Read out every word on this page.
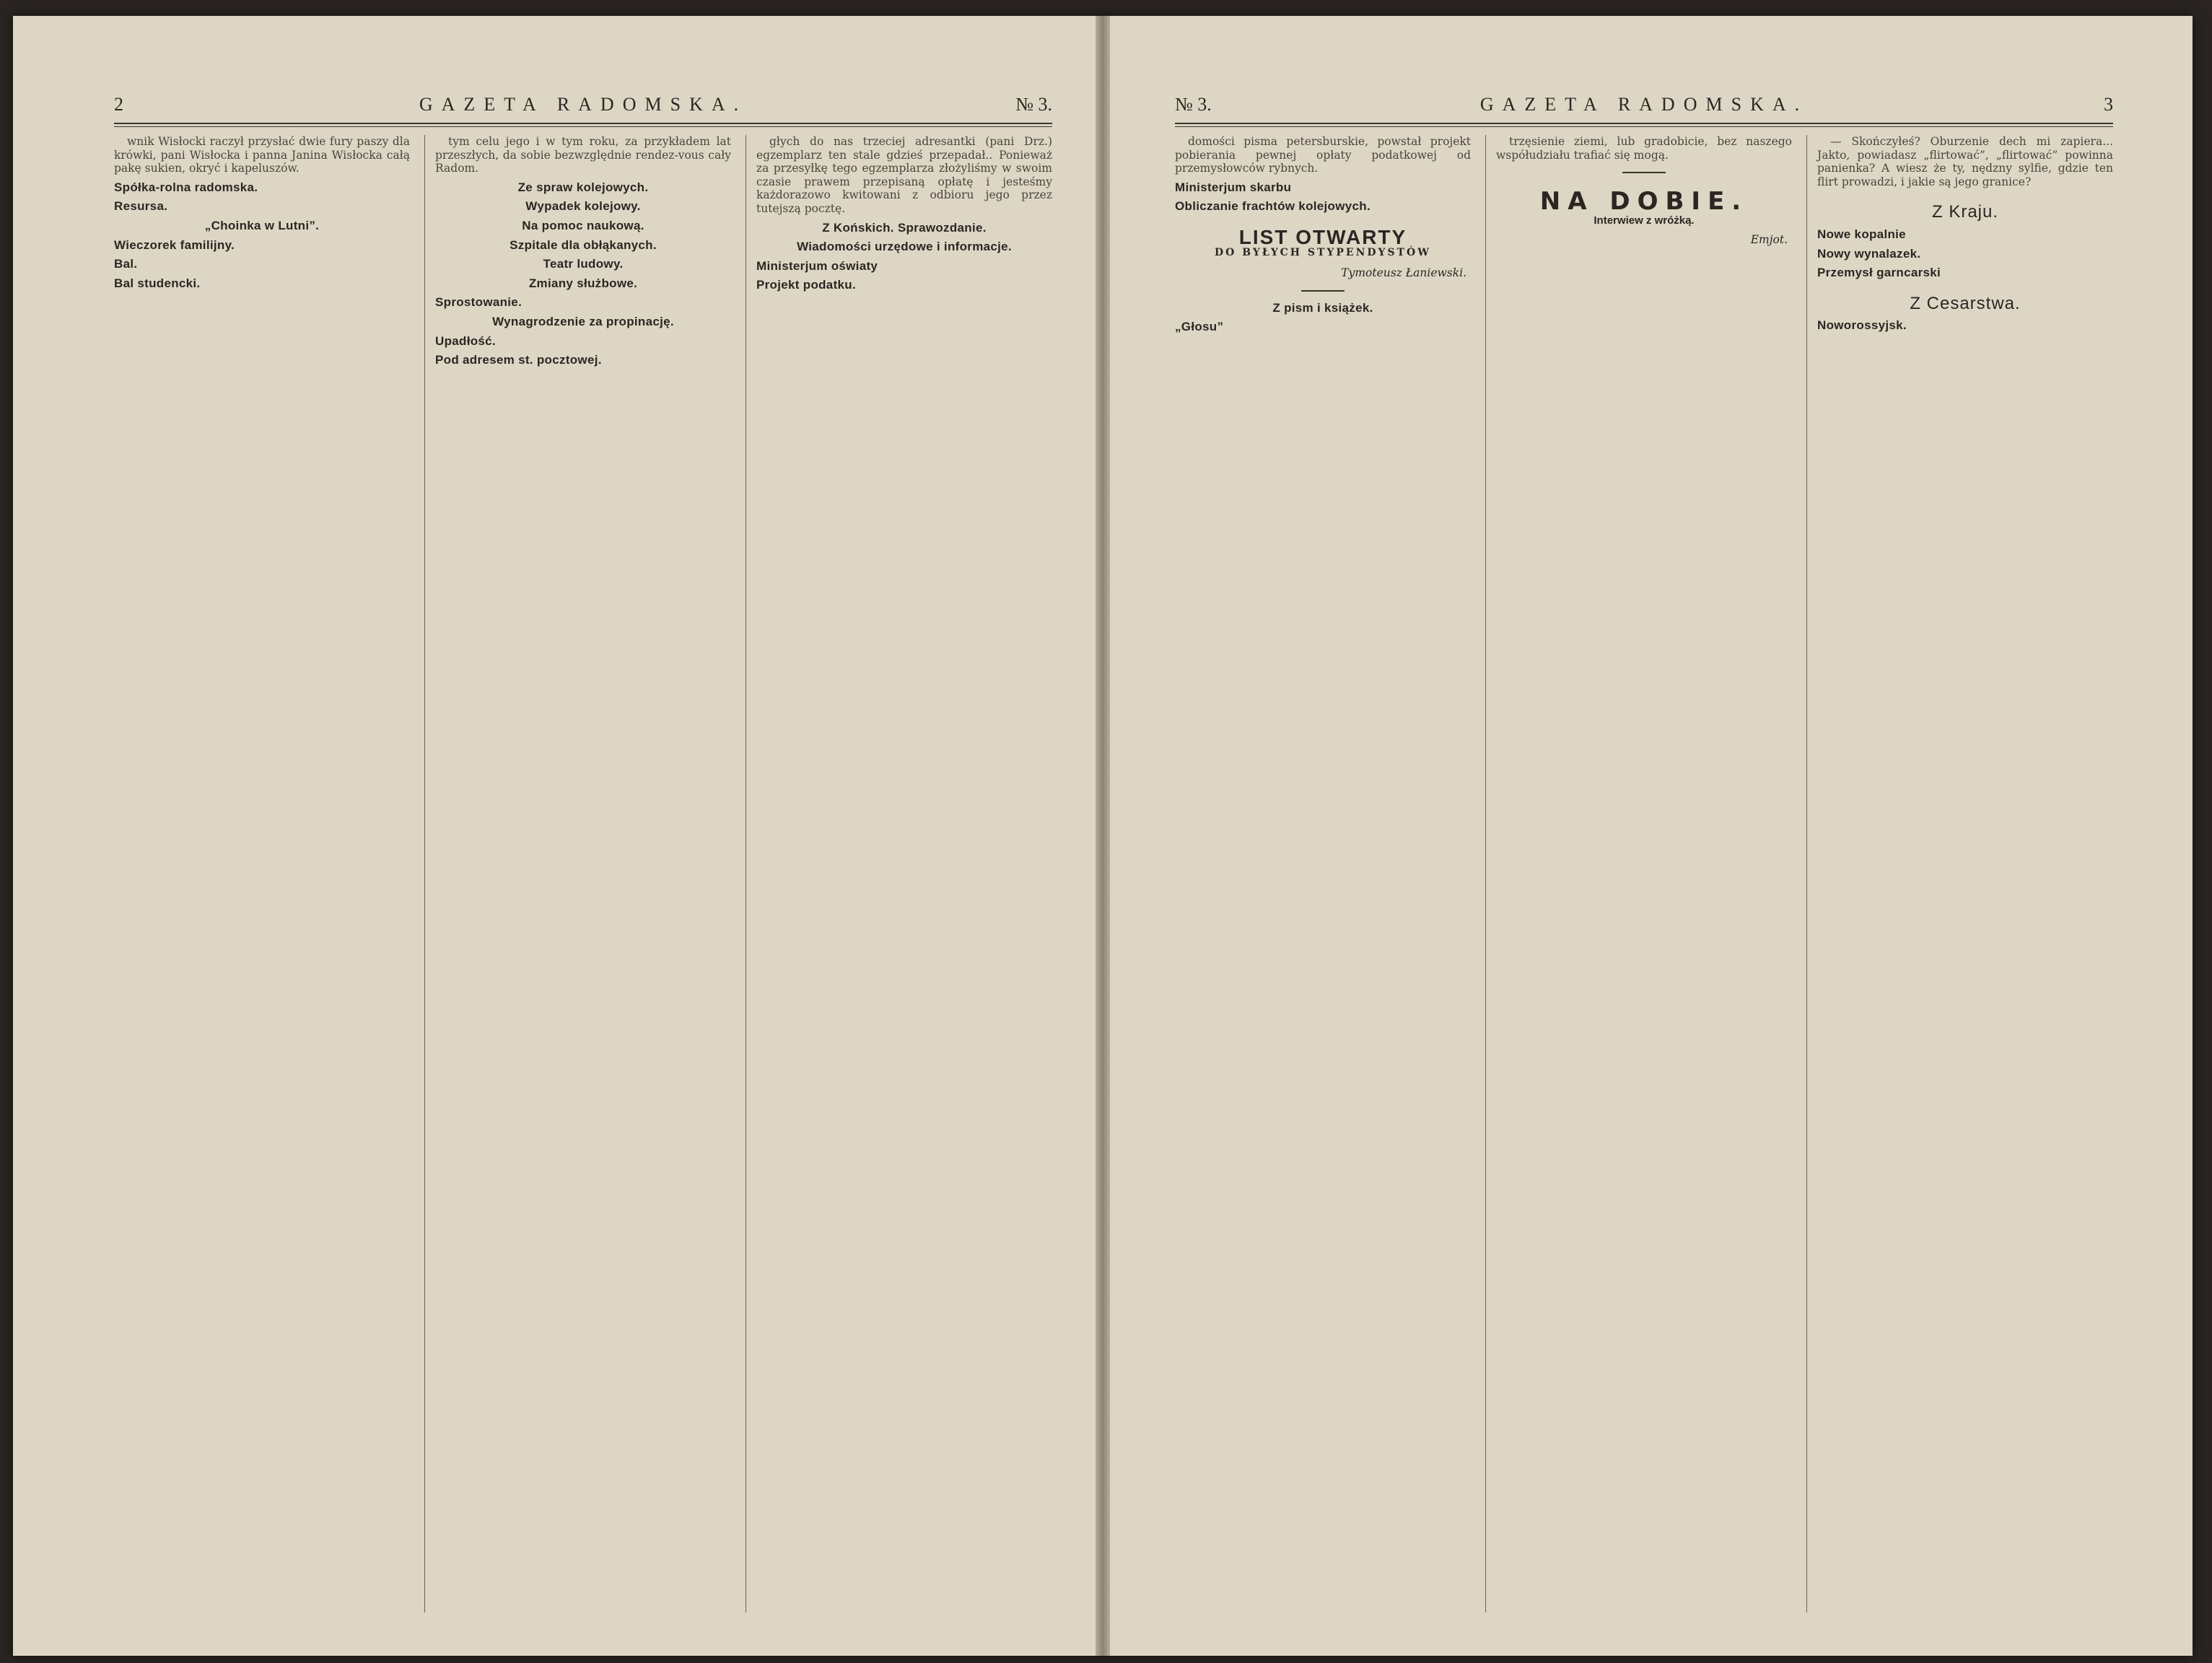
2	GAZETA RADOMSKA.	№ 3.

wnik Wisłocki raczył przysłać dwie fury paszy dla krówki, pani Wisłocka i panna Janina Wisłocka całą pakę sukien, okryć i kapeluszów.

Spółka-rolna radomska.
Resursa.
„Choinka w Lutni”.
Wieczorek familijny.
Bal.
Bal studencki.

tym celu jego i w tym roku, za przykładem lat przeszłych, da sobie bezwzględnie rendez-vous cały Radom.

Ze spraw kolejowych.
Wypadek kolejowy.
Na pomoc naukową.
Szpitale dla obłąkanych.
Teatr ludowy.
Zmiany służbowe.
Sprostowanie.
Wynagrodzenie za propinację.
Upadłość.
Pod adresem st. pocztowej.

głych do nas trzeciej adresantki (pani Drz.) egzemplarz ten stale gdzieś przepadał.. Ponieważ za przesyłkę tego egzemplarza złożyliśmy w swoim czasie prawem przepisaną opłatę i jesteśmy każdorazowo kwitowani z odbioru jego przez tutejszą pocztę.

Z Końskich. Sprawozdanie.
Wiadomości urzędowe i informacje.
Ministerjum oświaty
Projekt podatku.
№ 3.	GAZETA RADOMSKA.	3

domości pisma petersburskie, powstał projekt pobierania pewnej opłaty podatkowej od przemysłowców rybnych.

Ministerjum skarbu
Obliczanie frachtów kolejowych.
LIST OTWARTY
DO BYŁYCH STYPENDYSTÓW
Tymoteusz Łaniewski.
Z pism i książek.
„Głosu”

trzęsienie ziemi, lub gradobicie, bez naszego współudziału trafiać się mogą.

NA DOBIE.
Interwiew z wróżką.
Emjot.

— Skończyłeś? Oburzenie dech mi zapiera... Jakto, powiadasz „flirtować”, „flirtować” powinna panienka? A wiesz że ty, nędzny sylfie, gdzie ten flirt prowadzi, i jakie są jego granice?

Z Kraju.
Nowe kopalnie
Nowy wynalazek.
Przemysł garncarski
Z Cesarstwa.
Noworossyjsk.
